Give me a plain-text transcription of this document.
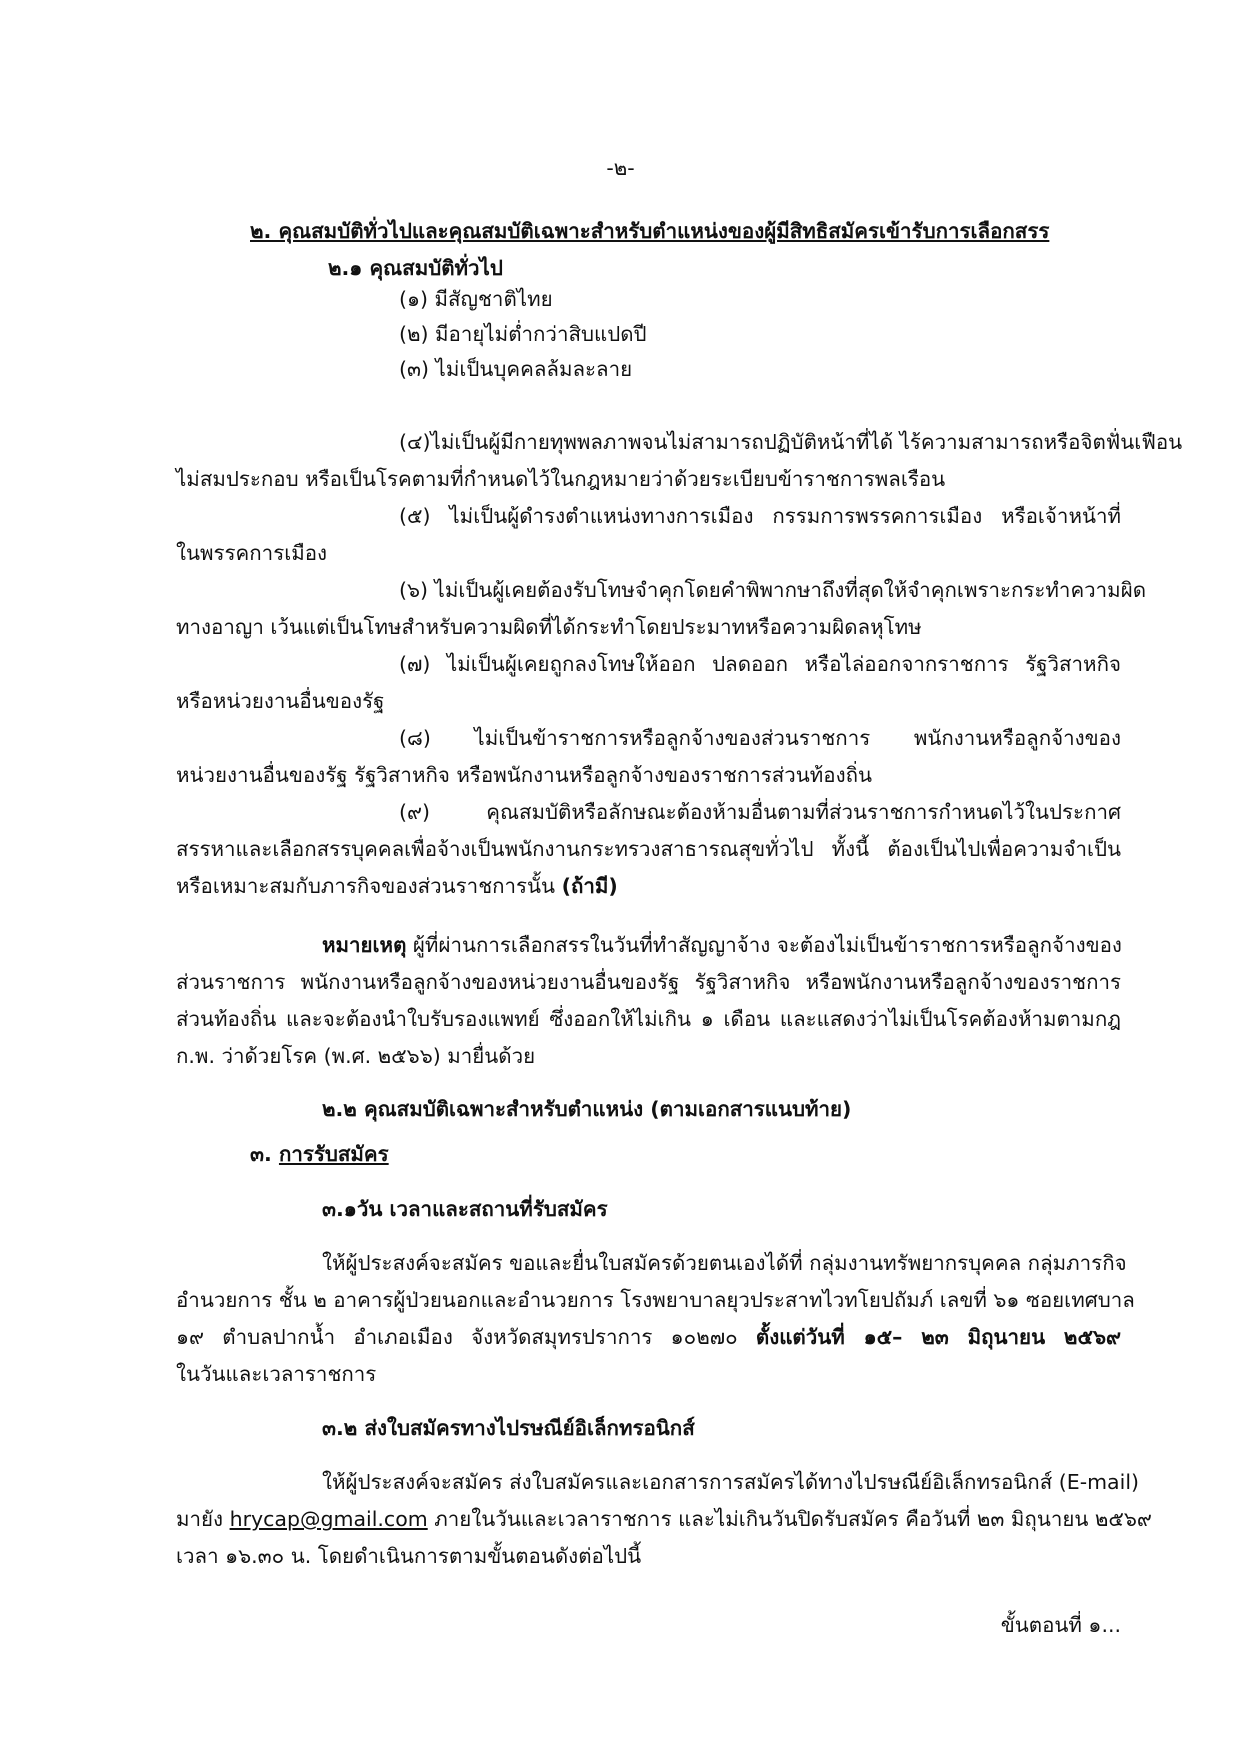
-๒-
๒. คุณสมบัติทั่วไปและคุณสมบัติเฉพาะสำหรับตำแหน่งของผู้มีสิทธิสมัครเข้ารับการเลือกสรร
๒.๑ คุณสมบัติทั่วไป
(๑) มีสัญชาติไทย
(๒) มีอายุไม่ต่ำกว่าสิบแปดปี
(๓) ไม่เป็นบุคคลล้มละลาย
(๔)ไม่เป็นผู้มีกายทุพพลภาพจนไม่สามารถปฏิบัติหน้าที่ได้ ไร้ความสามารถหรือจิตฟั่นเฟือน
ไม่สมประกอบ หรือเป็นโรคตามที่กำหนดไว้ในกฎหมายว่าด้วยระเบียบข้าราชการพลเรือน
(๕) ไม่เป็นผู้ดำรงตำแหน่งทางการเมือง กรรมการพรรคการเมือง หรือเจ้าหน้าที่
ในพรรคการเมือง
(๖) ไม่เป็นผู้เคยต้องรับโทษจำคุกโดยคำพิพากษาถึงที่สุดให้จำคุกเพราะกระทำความผิด
ทางอาญา เว้นแต่เป็นโทษสำหรับความผิดที่ได้กระทำโดยประมาทหรือความผิดลหุโทษ
(๗) ไม่เป็นผู้เคยถูกลงโทษให้ออก ปลดออก หรือไล่ออกจากราชการ รัฐวิสาหกิจ
หรือหน่วยงานอื่นของรัฐ
(๘) ไม่เป็นข้าราชการหรือลูกจ้างของส่วนราชการ พนักงานหรือลูกจ้างของ
หน่วยงานอื่นของรัฐ รัฐวิสาหกิจ หรือพนักงานหรือลูกจ้างของราชการส่วนท้องถิ่น
(๙) คุณสมบัติหรือลักษณะต้องห้ามอื่นตามที่ส่วนราชการกำหนดไว้ในประกาศ
สรรหาและเลือกสรรบุคคลเพื่อจ้างเป็นพนักงานกระทรวงสาธารณสุขทั่วไป ทั้งนี้ ต้องเป็นไปเพื่อความจำเป็น
หรือเหมาะสมกับภารกิจของส่วนราชการนั้น (ถ้ามี)
หมายเหตุ ผู้ที่ผ่านการเลือกสรรในวันที่ทำสัญญาจ้าง จะต้องไม่เป็นข้าราชการหรือลูกจ้างของ
ส่วนราชการ พนักงานหรือลูกจ้างของหน่วยงานอื่นของรัฐ รัฐวิสาหกิจ หรือพนักงานหรือลูกจ้างของราชการ
ส่วนท้องถิ่น และจะต้องนำใบรับรองแพทย์ ซึ่งออกให้ไม่เกิน ๑ เดือน และแสดงว่าไม่เป็นโรคต้องห้ามตามกฎ
ก.พ. ว่าด้วยโรค (พ.ศ. ๒๕๖๖) มายื่นด้วย
๒.๒ คุณสมบัติเฉพาะสำหรับตำแหน่ง (ตามเอกสารแนบท้าย)
๓. การรับสมัคร
๓.๑วัน เวลาและสถานที่รับสมัคร
ให้ผู้ประสงค์จะสมัคร ขอและยื่นใบสมัครด้วยตนเองได้ที่ กลุ่มงานทรัพยากรบุคคล กลุ่มภารกิจ
อำนวยการ ชั้น ๒ อาคารผู้ป่วยนอกและอำนวยการ โรงพยาบาลยุวประสาทไวทโยปถัมภ์ เลขที่ ๖๑ ซอยเทศบาล
๑๙ ตำบลปากน้ำ อำเภอเมือง จังหวัดสมุทรปราการ ๑๐๒๗๐ ตั้งแต่วันที่ ๑๕– ๒๓ มิถุนายน ๒๕๖๙
ในวันและเวลาราชการ
๓.๒ ส่งใบสมัครทางไปรษณีย์อิเล็กทรอนิกส์
ให้ผู้ประสงค์จะสมัคร ส่งใบสมัครและเอกสารการสมัครได้ทางไปรษณีย์อิเล็กทรอนิกส์ (E-mail)
มายัง hrycap@gmail.com ภายในวันและเวลาราชการ และไม่เกินวันปิดรับสมัคร คือวันที่ ๒๓ มิถุนายน ๒๕๖๙
เวลา ๑๖.๓๐ น. โดยดำเนินการตามขั้นตอนดังต่อไปนี้
ขั้นตอนที่ ๑...
